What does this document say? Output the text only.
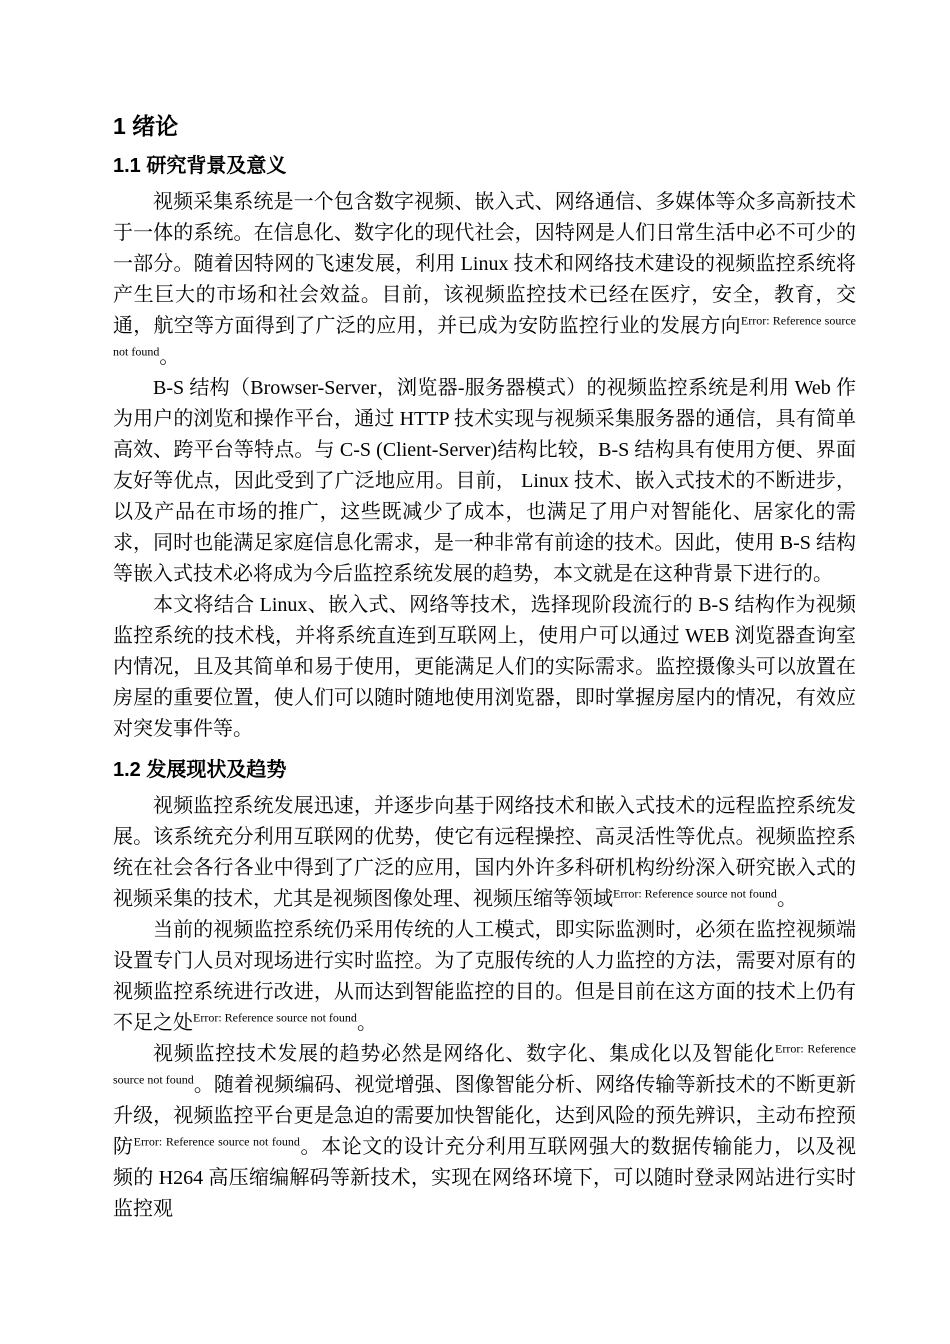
1 绪论
1.1 研究背景及意义

视频采集系统是一个包含数字视频、嵌入式、网络通信、多媒体等众多高新技术于一体的系统。在信息化、数字化的现代社会，因特网是人们日常生活中必不可少的一部分。随着因特网的飞速发展，利用 Linux 技术和网络技术建设的视频监控系统将产生巨大的市场和社会效益。目前，该视频监控技术已经在医疗，安全，教育，交通，航空等方面得到了广泛的应用，并已成为安防监控行业的发展方向$^{Error: Reference source not found}$。

B-S 结构（Browser-Server，浏览器-服务器模式）的视频监控系统是利用 Web 作为用户的浏览和操作平台，通过 HTTP 技术实现与视频采集服务器的通信，具有简单高效、跨平台等特点。与 C-S (Client-Server)结构比较，B-S 结构具有使用方便、界面友好等优点，因此受到了广泛地应用。目前， Linux 技术、嵌入式技术的不断进步，以及产品在市场的推广，这些既减少了成本，也满足了用户对智能化、居家化的需求，同时也能满足家庭信息化需求，是一种非常有前途的技术。因此，使用 B-S 结构等嵌入式技术必将成为今后监控系统发展的趋势，本文就是在这种背景下进行的。

本文将结合 Linux、嵌入式、网络等技术，选择现阶段流行的 B-S 结构作为视频监控系统的技术栈，并将系统直连到互联网上，使用户可以通过 WEB 浏览器查询室内情况，且及其简单和易于使用，更能满足人们的实际需求。监控摄像头可以放置在房屋的重要位置，使人们可以随时随地使用浏览器，即时掌握房屋内的情况，有效应对突发事件等。

1.2 发展现状及趋势

视频监控系统发展迅速，并逐步向基于网络技术和嵌入式技术的远程监控系统发展。该系统充分利用互联网的优势，使它有远程操控、高灵活性等优点。视频监控系统在社会各行各业中得到了广泛的应用，国内外许多科研机构纷纷深入研究嵌入式的视频采集的技术，尤其是视频图像处理、视频压缩等领域$^{Error: Reference source not found}$。

当前的视频监控系统仍采用传统的人工模式，即实际监测时，必须在监控视频端设置专门人员对现场进行实时监控。为了克服传统的人力监控的方法，需要对原有的视频监控系统进行改进，从而达到智能监控的目的。但是目前在这方面的技术上仍有不足之处$^{Error: Reference source not found}$。

视频监控技术发展的趋势必然是网络化、数字化、集成化以及智能化$^{Error: Reference source not found}$。随着视频编码、视觉增强、图像智能分析、网络传输等新技术的不断更新升级，视频监控平台更是急迫的需要加快智能化，达到风险的预先辨识，主动布控预防$^{Error: Reference source not found}$。本论文的设计充分利用互联网强大的数据传输能力，以及视频的 H264 高压缩编解码等新技术，实现在网络环境下，可以随时登录网站进行实时监控观
